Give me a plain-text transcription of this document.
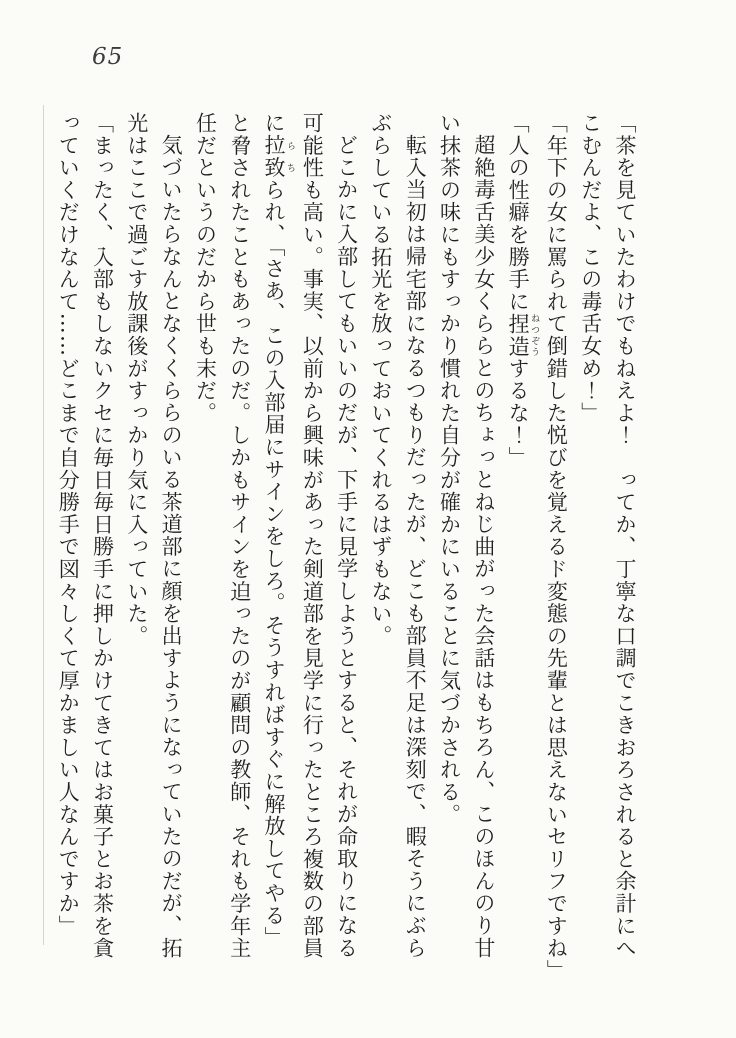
65
「茶を見ていたわけでもねえよ！　ってか、丁寧な口調でこきおろされると余計にへ
こむんだよ、この毒舌女め！」
「年下の女に罵られて倒錯した悦びを覚えるド変態の先輩とは思えないセリフですね」
「人の性癖を勝手に捏造 ねつぞうするな！」
超絶毒舌美少女くららとのちょっとねじ曲がった会話はもちろん、このほんのり甘
い抹茶の味にもすっかり慣れた自分が確かにいることに気づかされる。
転入当初は帰宅部になるつもりだったが、どこも部員不足は深刻で、暇そうにぶら
ぶらしている拓光を放っておいてくれるはずもない。
どこかに入部してもいいのだが、下手に見学しようとすると、それが命取りになる
可能性も高い。事実、以前から興味があった剣道部を見学に行ったところ複数の部員
に拉致 らちられ、「さあ、この入部届にサインをしろ。そうすればすぐに解放してやる」
と脅されたこともあったのだ。しかもサインを迫ったのが顧問の教師、それも学年主
任だというのだから世も末だ。
気づいたらなんとなくくららのいる茶道部に顔を出すようになっていたのだが、拓
光はここで過ごす放課後がすっかり気に入っていた。
「まったく、入部もしないクセに毎日毎日勝手に押しかけてきてはお菓子とお茶を貪
っていくだけなんて……どこまで自分勝手で図々しくて厚かましい人なんですか」
